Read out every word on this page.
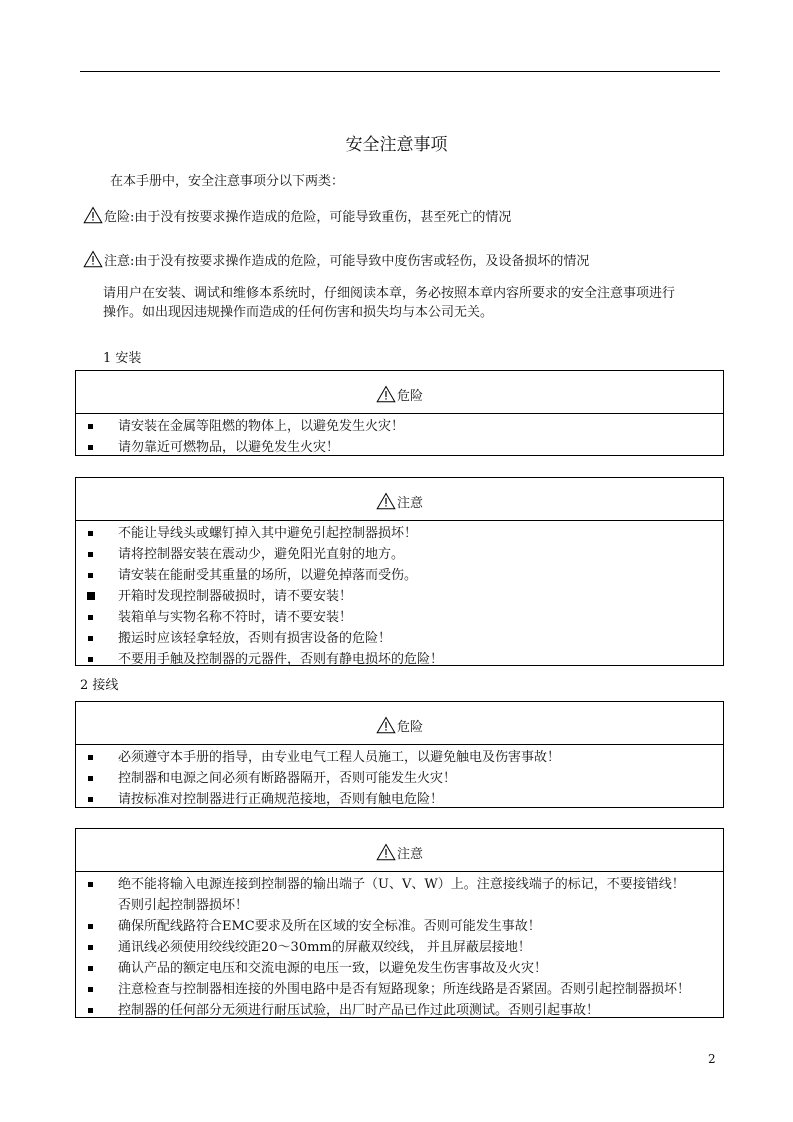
安全注意事项
在本手册中，安全注意事项分以下两类：
危险:由于没有按要求操作造成的危险，可能导致重伤，甚至死亡的情况
注意:由于没有按要求操作造成的危险，可能导致中度伤害或轻伤，及设备损坏的情况
请用户在安装、调试和维修本系统时，仔细阅读本章，务必按照本章内容所要求的安全注意事项进行
操作。如出现因违规操作而造成的任何伤害和损失均与本公司无关。
1 安装
危险
请安装在金属等阻燃的物体上，以避免发生火灾！
请勿靠近可燃物品，以避免发生火灾！
注意
不能让导线头或螺钉掉入其中避免引起控制器损坏！
请将控制器安装在震动少，避免阳光直射的地方。
请安装在能耐受其重量的场所，以避免掉落而受伤。
开箱时发现控制器破损时，请不要安装！
装箱单与实物名称不符时，请不要安装！
搬运时应该轻拿轻放，否则有损害设备的危险！
不要用手触及控制器的元器件，否则有静电损坏的危险！
2 接线
危险
必须遵守本手册的指导，由专业电气工程人员施工，以避免触电及伤害事故！
控制器和电源之间必须有断路器隔开，否则可能发生火灾！
请按标准对控制器进行正确规范接地，否则有触电危险！
注意
绝不能将输入电源连接到控制器的输出端子（U、V、W）上。注意接线端子的标记，不要接错线！
否则引起控制器损坏！
确保所配线路符合EMC要求及所在区域的安全标准。否则可能发生事故！
通讯线必须使用绞线绞距20～30mm的屏蔽双绞线， 并且屏蔽层接地！
确认产品的额定电压和交流电源的电压一致，以避免发生伤害事故及火灾！
注意检查与控制器相连接的外围电路中是否有短路现象；所连线路是否紧固。否则引起控制器损坏！
控制器的任何部分无须进行耐压试验，出厂时产品已作过此项测试。否则引起事故！
2
